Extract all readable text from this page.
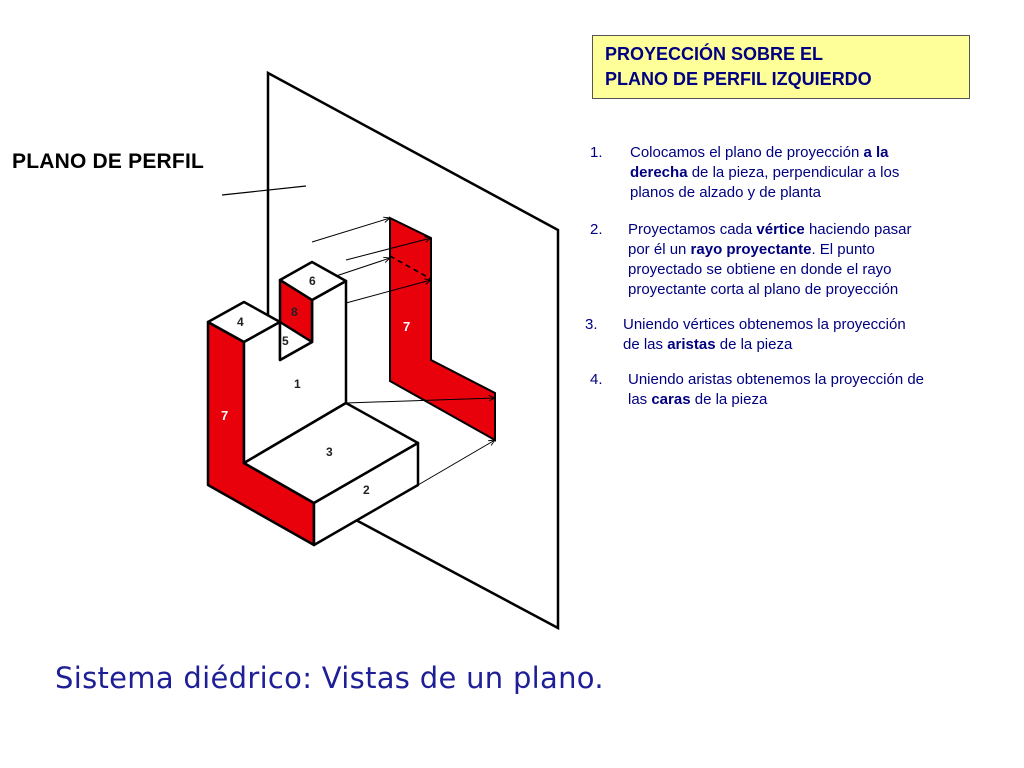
PROYECCIÓN SOBRE EL
PLANO DE PERFIL IZQUIERDO
PLANO DE PERFIL
4
5
6
8
1
3
2
7
7
1. Colocamos el plano de proyección a la
derecha de la pieza, perpendicular a los
planos de alzado y de planta
2. Proyectamos cada vértice haciendo pasar
por él un rayo proyectante. El punto
proyectado se obtiene en donde el rayo
proyectante corta al plano de proyección
3. Uniendo vértices obtenemos la proyección
de las aristas de la pieza
4. Uniendo aristas obtenemos la proyección de
las caras de la pieza
Sistema diédrico: Vistas de un plano.
